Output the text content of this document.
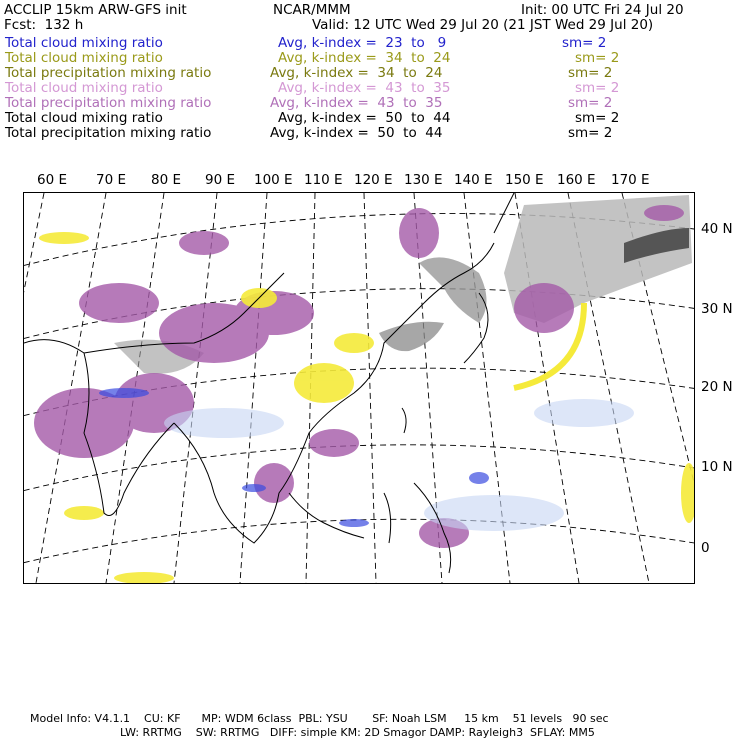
ACCLIP 15km ARW-GFS init	NCAR/MMM	Init: 00 UTC Fri 24 Jul 20
Fcst:  132 h	Valid: 12 UTC Wed 29 Jul 20 (21 JST Wed 29 Jul 20)
Total cloud mixing ratio	Avg, k-index =  23  to   9	sm= 2
Total cloud mixing ratio	Avg, k-index =  34  to  24	sm= 2
Total precipitation mixing ratio	Avg, k-index =  34  to  24	sm= 2
Total cloud mixing ratio	Avg, k-index =  43  to  35	sm= 2
Total precipitation mixing ratio	Avg, k-index =  43  to  35	sm= 2
Total cloud mixing ratio	Avg, k-index =  50  to  44	sm= 2
Total precipitation mixing ratio	Avg, k-index =  50  to  44	sm= 2
60 E 70 E 80 E 90 E 100 E 110 E 120 E 130 E 140 E 150 E 160 E 170 E
40 N
30 N
20 N
10 N
0
Model Info: V4.1.1    CU: KF      MP: WDM 6class  PBL: YSU       SF: Noah LSM     15 km    51 levels   90 sec
LW: RRTMG    SW: RRTMG   DIFF: simple KM: 2D Smagor DAMP: Rayleigh3  SFLAY: MM5
